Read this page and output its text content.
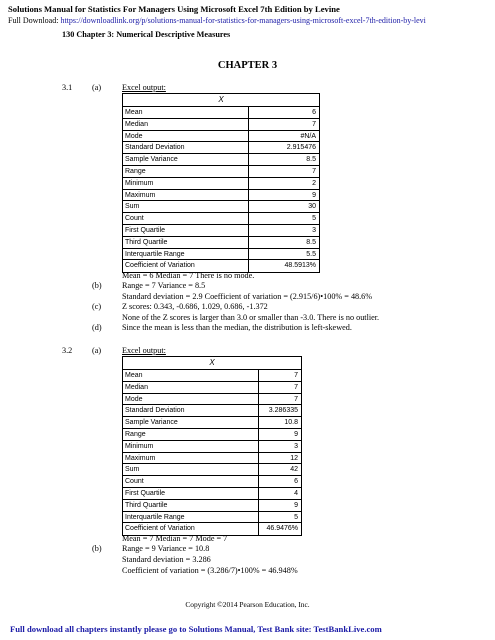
Solutions Manual for Statistics For Managers Using Microsoft Excel 7th Edition by Levine
Full Download: https://downloadlink.org/p/solutions-manual-for-statistics-for-managers-using-microsoft-excel-7th-edition-by-levi
130 Chapter 3: Numerical Descriptive Measures
CHAPTER 3
3.1 (a)	Excel output:
X
Mean	6
Median	7
Mode	#N/A
Standard Deviation	2.915476
Sample Variance	8.5
Range	7
Minimum	2
Maximum	9
Sum	30
Count	5
First Quartile	3
Third Quartile	8.5
Interquartile Range	5.5
Coefficient of Variation	48.5913%
Mean = 6 Median = 7 There is no mode.
(b) Range = 7 Variance = 8.5
Standard deviation = 2.9 Coefficient of variation = (2.915/6)•100% = 48.6%
(c)	Z scores: 0.343, -0.686, 1.029, 0.686, -1.372
None of the Z scores is larger than 3.0 or smaller than -3.0. There is no outlier.
(d) Since the mean is less than the median, the distribution is left-skewed.
3.2 (a)	Excel output:
X
Mean	7
Median	7
Mode	7
Standard Deviation	3.286335
Sample Variance	10.8
Range	9
Minimum	3
Maximum	12
Sum	42
Count	6
First Quartile	4
Third Quartile	9
Interquartile Range	5
Coefficient of Variation	46.9476%
Mean = 7 Median = 7 Mode = 7
(b) Range = 9 Variance = 10.8
Standard deviation = 3.286
Coefficient of variation = (3.286/7)•100% = 46.948%
Copyright ©2014 Pearson Education, Inc.
Full download all chapters instantly please go to Solutions Manual, Test Bank site: TestBankLive.com
